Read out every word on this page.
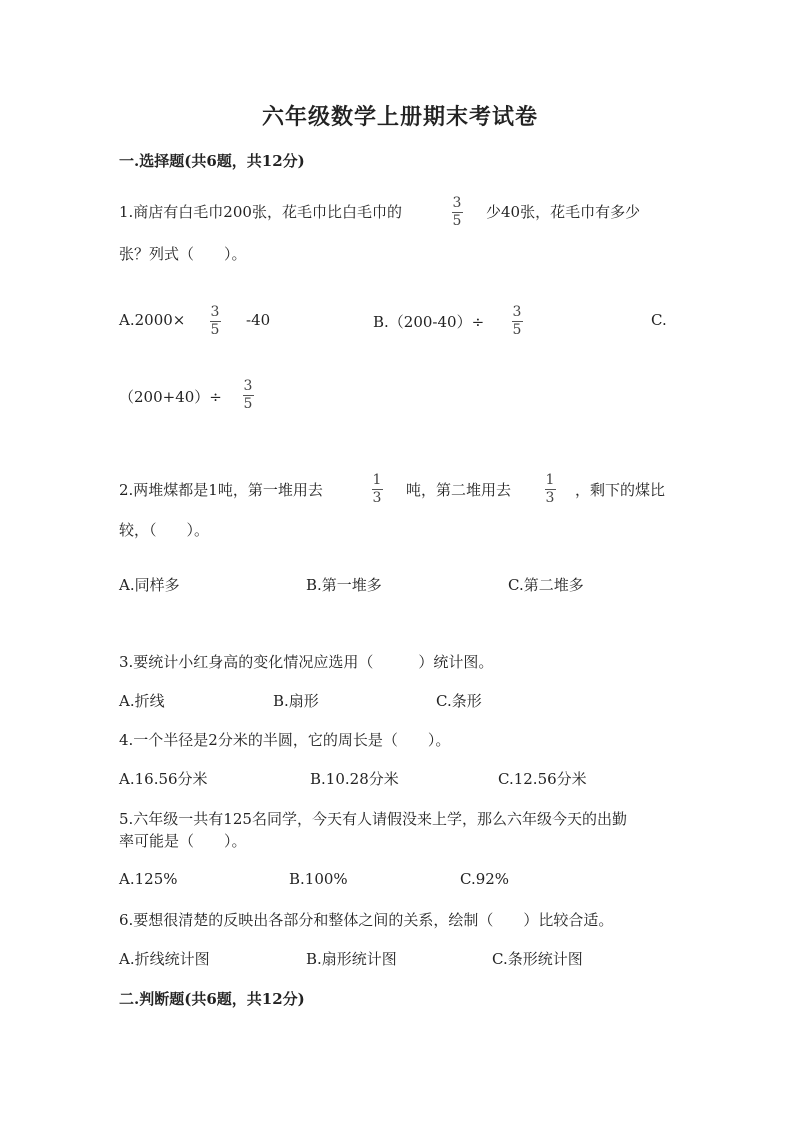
六年级数学上册期末考试卷
一.选择题(共6题，共12分)
1.商店有白毛巾200张，花毛巾比白毛巾的	3
5 少40张，花毛巾有多少
张？列式（　　）。
A.2000× 3
5
-40	B.（200-40）÷
3
5
C.
（200+40）÷
3
5
2.两堆煤都是1吨，第一堆用去
1
3 吨，第二堆用去
1
3 ，剩下的煤比
较，（　　）。
A.同样多	B.第一堆多	C.第二堆多
3.要统计小红身高的变化情况应选用（　　　）统计图。
A.折线	B.扇形	C.条形
4.一个半径是2分米的半圆，它的周长是（　　）。
A.16.56分米	B.10.28分米	C.12.56分米
5.六年级一共有125名同学，今天有人请假没来上学，那么六年级今天的出勤
率可能是（　　）。
A.125%	B.100%	C.92%
6.要想很清楚的反映出各部分和整体之间的关系，绘制（　　）比较合适。
A.折线统计图	B.扇形统计图	C.条形统计图
二.判断题(共6题，共12分)
